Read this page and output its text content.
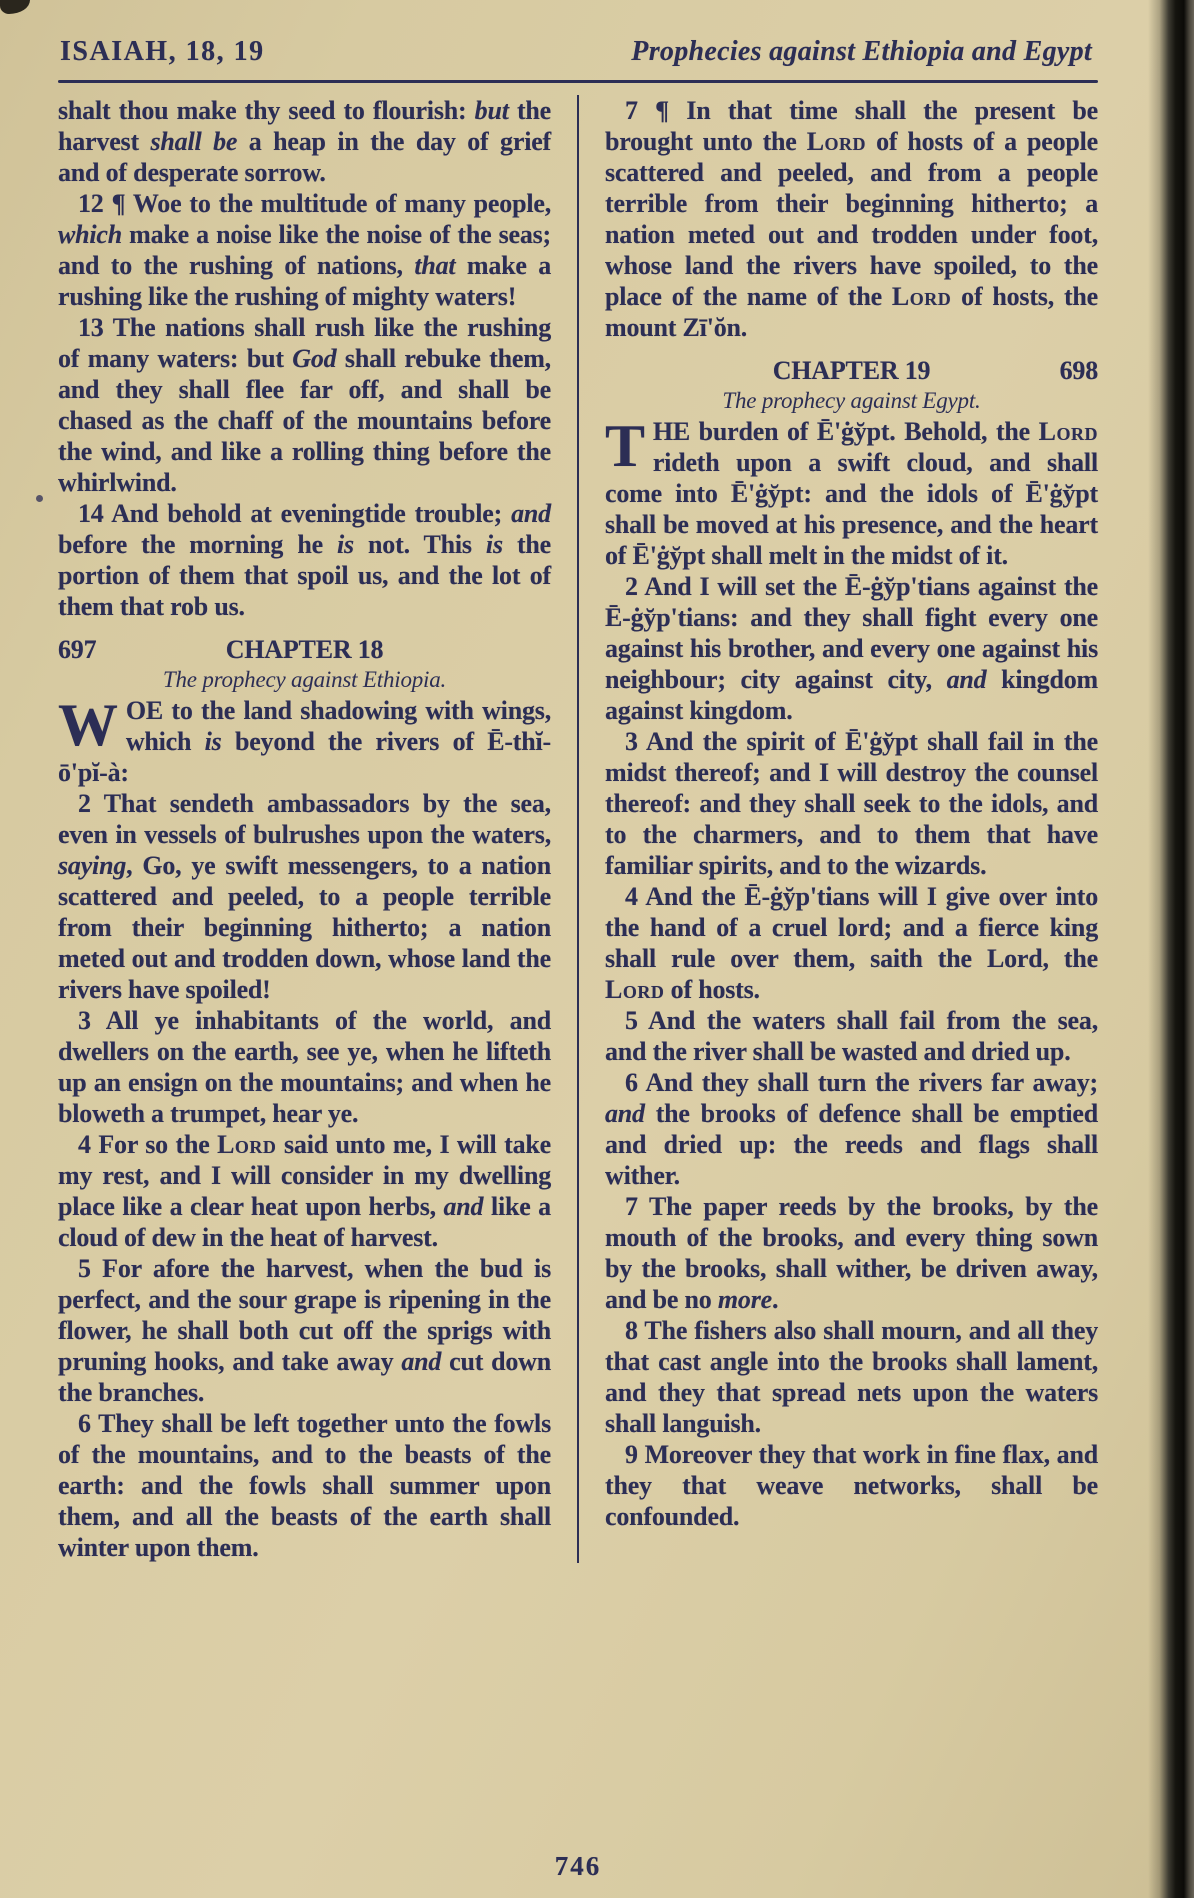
ISAIAH, 18, 19	Prophecies against Ethiopia and Egypt

shalt thou make thy seed to flourish: but the harvest shall be a heap in the day of grief and of desperate sorrow.

12 ¶ Woe to the multitude of many people, which make a noise like the noise of the seas; and to the rushing of nations, that make a rushing like the rushing of mighty waters!

13 The nations shall rush like the rushing of many waters: but God shall rebuke them, and they shall flee far off, and shall be chased as the chaff of the mountains before the wind, and like a rolling thing before the whirlwind.

14 And behold at eveningtide trouble; and before the morning he is not. This is the portion of them that spoil us, and the lot of them that rob us.

697	CHAPTER 18

The prophecy against Ethiopia.

WOE to the land shadowing with wings, which is beyond the rivers of Ē-thĭ-ō'pĭ-à:

2 That sendeth ambassadors by the sea, even in vessels of bulrushes upon the waters, saying, Go, ye swift messengers, to a nation scattered and peeled, to a people terrible from their beginning hitherto; a nation meted out and trodden down, whose land the rivers have spoiled!

3 All ye inhabitants of the world, and dwellers on the earth, see ye, when he lifteth up an ensign on the mountains; and when he bloweth a trumpet, hear ye.

4 For so the Lord said unto me, I will take my rest, and I will consider in my dwelling place like a clear heat upon herbs, and like a cloud of dew in the heat of harvest.

5 For afore the harvest, when the bud is perfect, and the sour grape is ripening in the flower, he shall both cut off the sprigs with pruning hooks, and take away and cut down the branches.

6 They shall be left together unto the fowls of the mountains, and to the beasts of the earth: and the fowls shall summer upon them, and all the beasts of the earth shall winter upon them.

7 ¶ In that time shall the present be brought unto the Lord of hosts of a people scattered and peeled, and from a people terrible from their beginning hitherto; a nation meted out and trodden under foot, whose land the rivers have spoiled, to the place of the name of the Lord of hosts, the mount Zī'ŏn.

698
CHAPTER 19

The prophecy against Egypt.

THE burden of Ē'ġy̆pt. Behold, the Lord rideth upon a swift cloud, and shall come into Ē'ġy̆pt: and the idols of Ē'ġy̆pt shall be moved at his presence, and the heart of Ē'ġy̆pt shall melt in the midst of it.

2 And I will set the Ē-ġy̆p'tians against the Ē-ġy̆p'tians: and they shall fight every one against his brother, and every one against his neighbour; city against city, and kingdom against kingdom.

3 And the spirit of Ē'ġy̆pt shall fail in the midst thereof; and I will destroy the counsel thereof: and they shall seek to the idols, and to the charmers, and to them that have familiar spirits, and to the wizards.

4 And the Ē-ġy̆p'tians will I give over into the hand of a cruel lord; and a fierce king shall rule over them, saith the Lord, the Lord of hosts.

5 And the waters shall fail from the sea, and the river shall be wasted and dried up.

6 And they shall turn the rivers far away; and the brooks of defence shall be emptied and dried up: the reeds and flags shall wither.

7 The paper reeds by the brooks, by the mouth of the brooks, and every thing sown by the brooks, shall wither, be driven away, and be no more.

8 The fishers also shall mourn, and all they that cast angle into the brooks shall lament, and they that spread nets upon the waters shall languish.

9 Moreover they that work in fine flax, and they that weave networks, shall be confounded.

746
